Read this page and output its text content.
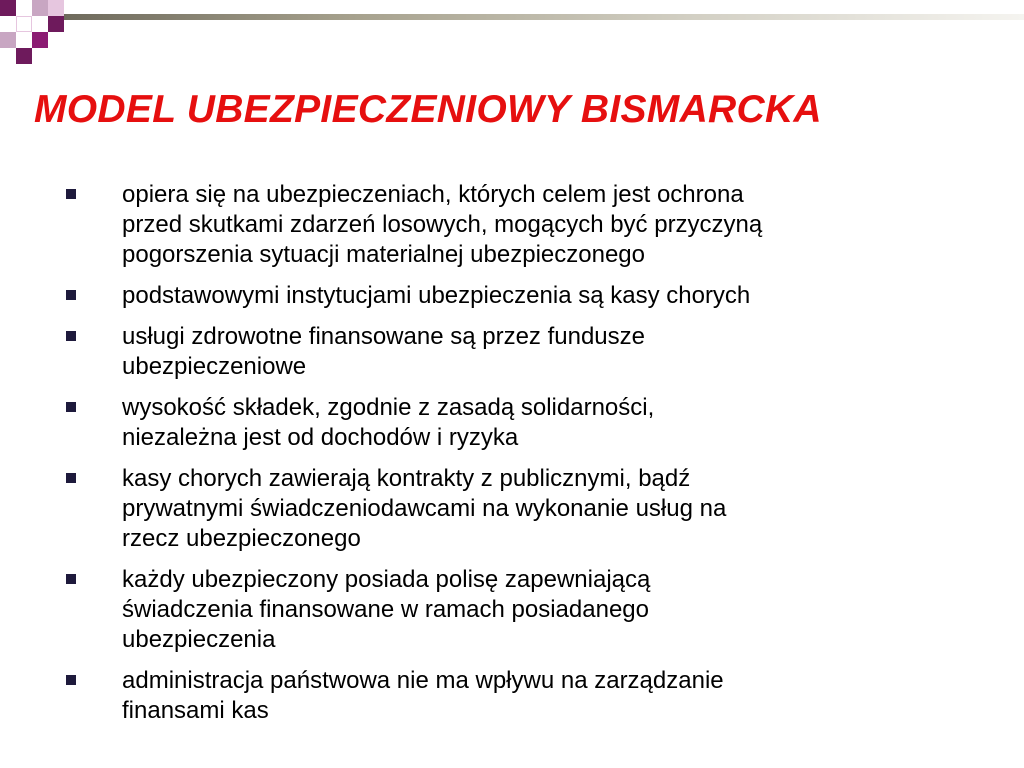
MODEL UBEZPIECZENIOWY BISMARCKA
opiera się na ubezpieczeniach, których celem jest ochrona
przed skutkami zdarzeń losowych, mogących być przyczyną
pogorszenia sytuacji materialnej ubezpieczonego
podstawowymi instytucjami ubezpieczenia są kasy chorych
usługi zdrowotne finansowane są przez fundusze
ubezpieczeniowe
wysokość składek, zgodnie z zasadą solidarności,
niezależna jest od dochodów i ryzyka
kasy chorych zawierają kontrakty z publicznymi, bądź
prywatnymi świadczeniodawcami na wykonanie usług na
rzecz ubezpieczonego
każdy ubezpieczony posiada polisę zapewniającą
świadczenia finansowane w ramach posiadanego
ubezpieczenia
administracja państwowa nie ma wpływu na zarządzanie
finansami kas
